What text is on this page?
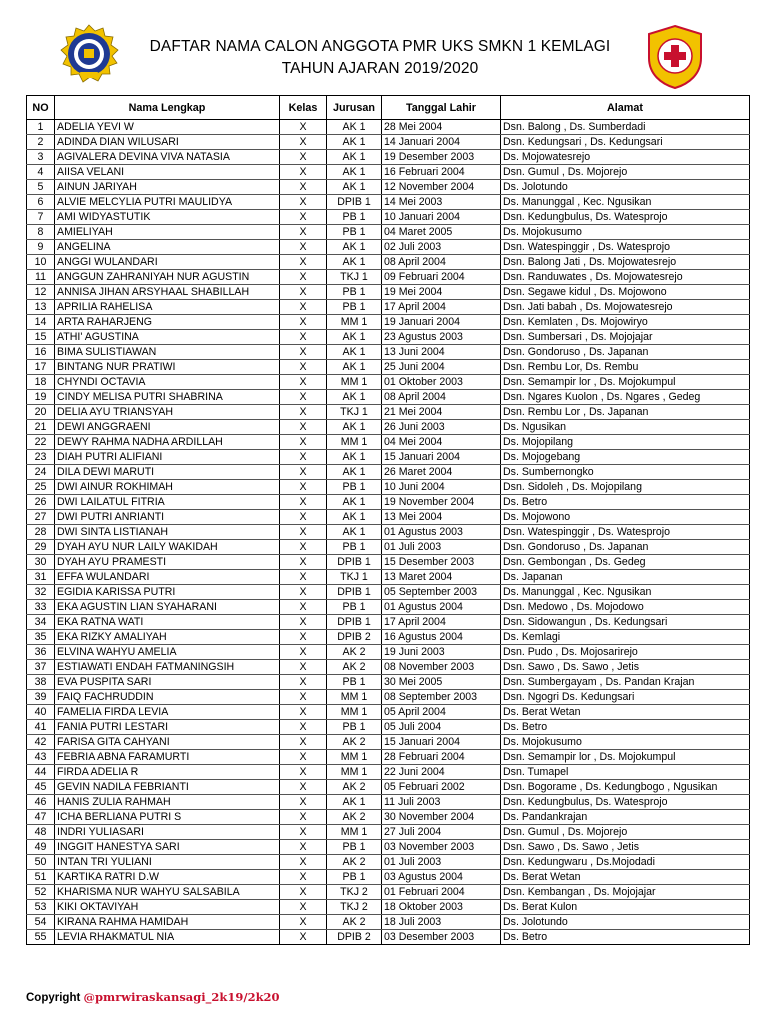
DAFTAR NAMA CALON ANGGOTA PMR UKS SMKN 1 KEMLAGI
TAHUN AJARAN 2019/2020
NO	Nama Lengkap	Kelas	Jurusan	Tanggal Lahir	Alamat
1	ADELIA YEVI W	X	AK 1	28 Mei 2004	Dsn. Balong , Ds. Sumberdadi
2	ADINDA DIAN WILUSARI	X	AK 1	14 Januari 2004	Dsn. Kedungsari , Ds. Kedungsari
3	AGIVALERA DEVINA VIVA NATASIA	X	AK 1	19 Desember 2003	Ds. Mojowatesrejo
4	AIISA VELANI	X	AK 1	16 Februari 2004	Dsn. Gumul , Ds. Mojorejo
5	AINUN JARIYAH	X	AK 1	12 November 2004	Ds. Jolotundo
6	ALVIE MELCYLIA PUTRI MAULIDYA	X	DPIB 1	14 Mei 2003	Ds. Manunggal , Kec. Ngusikan
7	AMI WIDYASTUTIK	X	PB 1	10 Januari 2004	Dsn. Kedungbulus, Ds. Watesprojo
8	AMIELIYAH	X	PB 1	04 Maret 2005	Ds. Mojokusumo
9	ANGELINA	X	AK 1	02 Juli 2003	Dsn. Watespinggir , Ds. Watesprojo
10	ANGGI WULANDARI	X	AK 1	08 April 2004	Dsn. Balong Jati , Ds. Mojowatesrejo
11	ANGGUN ZAHRANIYAH NUR AGUSTIN	X	TKJ 1	09 Februari 2004	Dsn. Randuwates , Ds. Mojowatesrejo
12	ANNISA JIHAN ARSYHAAL SHABILLAH	X	PB 1	19 Mei 2004	Dsn. Segawe kidul , Ds. Mojowono
13	APRILIA RAHELISA	X	PB 1	17 April 2004	Dsn. Jati babah , Ds. Mojowatesrejo
14	ARTA RAHARJENG	X	MM 1	19 Januari 2004	Dsn. Kemlaten , Ds. Mojowiryo
15	ATHI' AGUSTINA	X	AK 1	23 Agustus 2003	Dsn. Sumbersari , Ds. Mojojajar
16	BIMA SULISTIAWAN	X	AK 1	13 Juni 2004	Dsn. Gondoruso , Ds. Japanan
17	BINTANG NUR PRATIWI	X	AK 1	25 Juni 2004	Dsn. Rembu Lor, Ds. Rembu
18	CHYNDI OCTAVIA	X	MM 1	01 Oktober 2003	Dsn. Semampir lor , Ds. Mojokumpul
19	CINDY MELISA PUTRI SHABRINA	X	AK 1	08 April 2004	Dsn. Ngares Kuolon , Ds. Ngares , Gedeg
20	DELIA AYU TRIANSYAH	X	TKJ 1	21 Mei 2004	Dsn. Rembu Lor , Ds. Japanan
21	DEWI ANGGRAENI	X	AK 1	26 Juni 2003	Ds. Ngusikan
22	DEWY RAHMA NADHA ARDILLAH	X	MM 1	04 Mei 2004	Ds. Mojopilang
23	DIAH PUTRI ALIFIANI	X	AK 1	15 Januari 2004	Ds. Mojogebang
24	DILA DEWI MARUTI	X	AK 1	26 Maret 2004	Ds. Sumbernongko
25	DWI AINUR ROKHIMAH	X	PB 1	10 Juni 2004	Dsn. Sidoleh , Ds. Mojopilang
26	DWI LAILATUL FITRIA	X	AK 1	19 November 2004	Ds. Betro
27	DWI PUTRI ANRIANTI	X	AK 1	13 Mei 2004	Ds. Mojowono
28	DWI SINTA LISTIANAH	X	AK 1	01 Agustus 2003	Dsn. Watespinggir , Ds. Watesprojo
29	DYAH AYU NUR LAILY WAKIDAH	X	PB 1	01 Juli 2003	Dsn. Gondoruso , Ds. Japanan
30	DYAH AYU PRAMESTI	X	DPIB 1	15 Desember 2003	Dsn. Gembongan , Ds. Gedeg
31	EFFA WULANDARI	X	TKJ 1	13 Maret 2004	Ds. Japanan
32	EGIDIA KARISSA PUTRI	X	DPIB 1	05 September 2003	Ds. Manunggal , Kec. Ngusikan
33	EKA AGUSTIN LIAN SYAHARANI	X	PB 1	01 Agustus 2004	Dsn. Medowo , Ds. Mojodowo
34	EKA RATNA WATI	X	DPIB 1	17 April 2004	Dsn. Sidowangun , Ds. Kedungsari
35	EKA RIZKY AMALIYAH	X	DPIB 2	16 Agustus 2004	Ds. Kemlagi
36	ELVINA WAHYU AMELIA	X	AK 2	19 Juni 2003	Dsn. Pudo , Ds. Mojosarirejo
37	ESTIAWATI ENDAH FATMANINGSIH	X	AK 2	08 November 2003	Dsn. Sawo , Ds. Sawo , Jetis
38	EVA PUSPITA SARI	X	PB 1	30 Mei 2005	Dsn. Sumbergayam , Ds. Pandan Krajan
39	FAIQ FACHRUDDIN	X	MM 1	08 September 2003	Dsn. Ngogri Ds. Kedungsari
40	FAMELIA FIRDA LEVIA	X	MM 1	05 April 2004	Ds. Berat Wetan
41	FANIA PUTRI LESTARI	X	PB 1	05 Juli 2004	Ds. Betro
42	FARISA GITA CAHYANI	X	AK 2	15 Januari 2004	Ds. Mojokusumo
43	FEBRIA ABNA FARAMURTI	X	MM 1	28 Februari 2004	Dsn. Semampir lor , Ds. Mojokumpul
44	FIRDA ADELIA R	X	MM 1	22 Juni 2004	Dsn. Tumapel
45	GEVIN NADILA FEBRIANTI	X	AK 2	05 Februari 2002	Dsn. Bogorame , Ds. Kedungbogo , Ngusikan
46	HANIS ZULIA RAHMAH	X	AK 1	11 Juli 2003	Dsn. Kedungbulus, Ds. Watesprojo
47	ICHA BERLIANA PUTRI S	X	AK 2	30 November 2004	Ds. Pandankrajan
48	INDRI YULIASARI	X	MM 1	27 Juli 2004	Dsn. Gumul , Ds. Mojorejo
49	INGGIT HANESTYA SARI	X	PB 1	03 November 2003	Dsn. Sawo , Ds. Sawo , Jetis
50	INTAN TRI YULIANI	X	AK 2	01 Juli 2003	Dsn. Kedungwaru , Ds.Mojodadi
51	KARTIKA RATRI D.W	X	PB 1	03 Agustus 2004	Ds. Berat Wetan
52	KHARISMA NUR WAHYU SALSABILA	X	TKJ 2	01 Februari 2004	Dsn. Kembangan , Ds. Mojojajar
53	KIKI OKTAVIYAH	X	TKJ 2	18 Oktober 2003	Ds. Berat Kulon
54	KIRANA RAHMA HAMIDAH	X	AK 2	18 Juli 2003	Ds. Jolotundo
55	LEVIA RHAKMATUL NIA	X	DPIB 2	03 Desember 2003	Ds. Betro
Copyright @pmrwiraskansagi_2k19/2k20
